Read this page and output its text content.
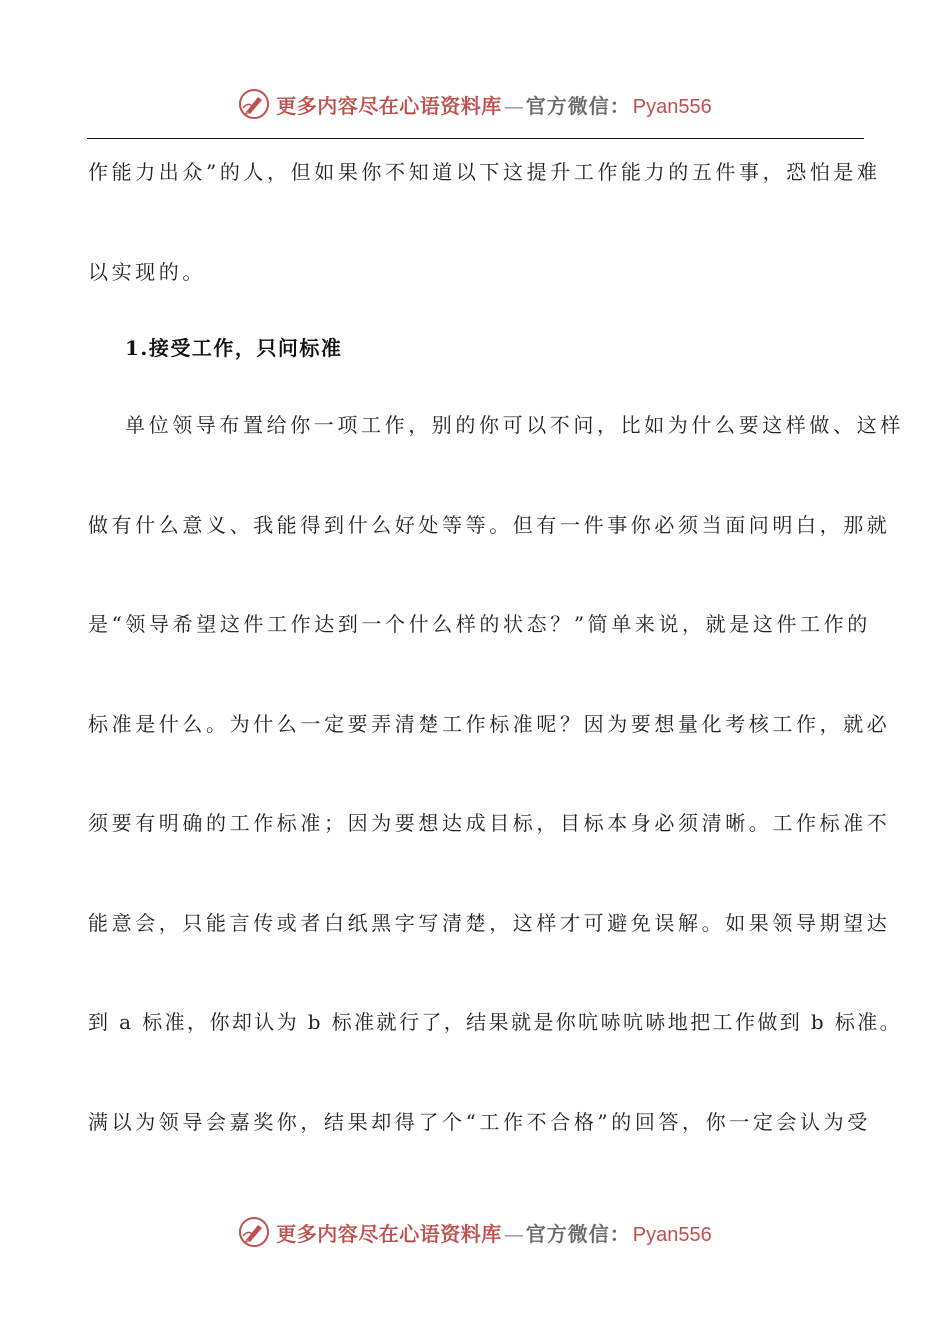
更多内容尽在心语资料库 — 官方微信： Pyan556
作能力出众”的人，但如果你不知道以下这提升工作能力的五件事，恐怕是难
以实现的。
1.接受工作，只问标准
单位领导布置给你一项工作，别的你可以不问，比如为什么要这样做、这样
做有什么意义、我能得到什么好处等等。但有一件事你必须当面问明白，那就
是“领导希望这件工作达到一个什么样的状态？”简单来说，就是这件工作的
标准是什么。为什么一定要弄清楚工作标准呢？因为要想量化考核工作，就必
须要有明确的工作标准；因为要想达成目标，目标本身必须清晰。工作标准不
能意会，只能言传或者白纸黑字写清楚，这样才可避免误解。如果领导期望达
到 a 标准，你却认为 b 标准就行了，结果就是你吭哧吭哧地把工作做到 b 标准。
满以为领导会嘉奖你，结果却得了个“工作不合格”的回答，你一定会认为受
更多内容尽在心语资料库 — 官方微信： Pyan556
